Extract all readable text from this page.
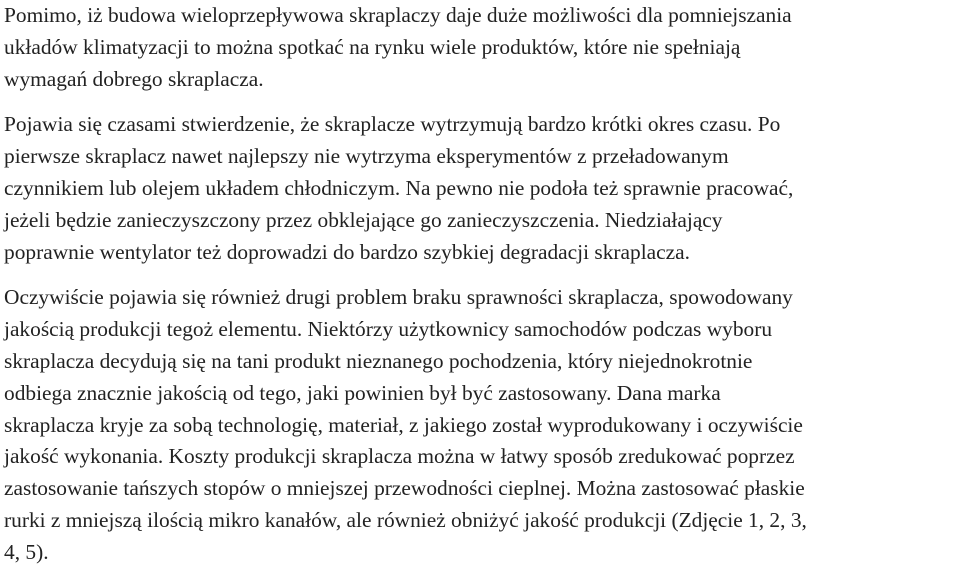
Pomimo, iż budowa wieloprzepływowa skraplaczy daje duże możliwości dla pomniejszania
układów klimatyzacji to można spotkać na rynku wiele produktów, które nie spełniają
wymagań dobrego skraplacza.

Pojawia się czasami stwierdzenie, że skraplacze wytrzymują bardzo krótki okres czasu. Po
pierwsze skraplacz nawet najlepszy nie wytrzyma eksperymentów z przeładowanym
czynnikiem lub olejem układem chłodniczym. Na pewno nie podoła też sprawnie pracować,
jeżeli będzie zanieczyszczony przez obklejające go zanieczyszczenia. Niedziałający
poprawnie wentylator też doprowadzi do bardzo szybkiej degradacji skraplacza.

Oczywiście pojawia się również drugi problem braku sprawności skraplacza, spowodowany
jakością produkcji tegoż elementu. Niektórzy użytkownicy samochodów podczas wyboru
skraplacza decydują się na tani produkt nieznanego pochodzenia, który niejednokrotnie
odbiega znacznie jakością od tego, jaki powinien był być zastosowany. Dana marka
skraplacza kryje za sobą technologię, materiał, z jakiego został wyprodukowany i oczywiście
jakość wykonania. Koszty produkcji skraplacza można w łatwy sposób zredukować poprzez
zastosowanie tańszych stopów o mniejszej przewodności cieplnej. Można zastosować płaskie
rurki z mniejszą ilością mikro kanałów, ale również obniżyć jakość produkcji (Zdjęcie 1, 2, 3,
4, 5).
